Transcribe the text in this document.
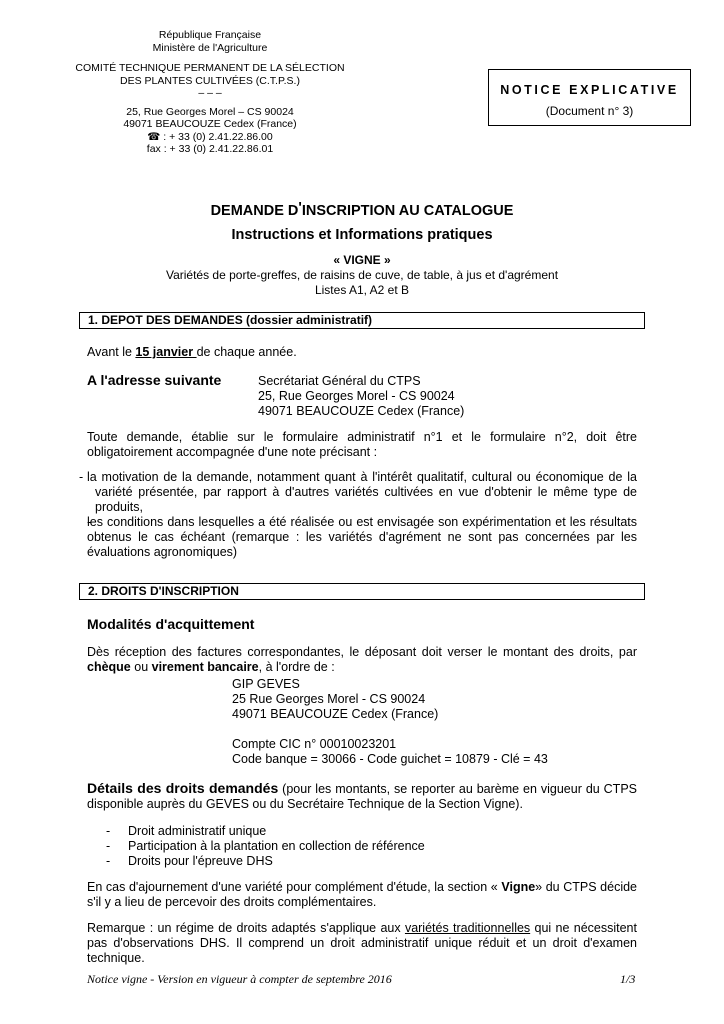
République Française
Ministère de l'Agriculture
COMITÉ TECHNIQUE PERMANENT DE LA SÉLECTION
DES PLANTES CULTIVÉES (C.T.P.S.)
– – –
25, Rue Georges Morel – CS 90024
49071 BEAUCOUZE Cedex (France)
☎ : + 33 (0) 2.41.22.86.00
fax : + 33 (0) 2.41.22.86.01
NOTICE EXPLICATIVE
(Document n° 3)
DEMANDE D'INSCRIPTION AU CATALOGUE
Instructions et Informations pratiques
« VIGNE »
Variétés de porte-greffes, de raisins de cuve, de table, à jus et d'agrément
Listes A1, A2 et B
1. DEPOT DES DEMANDES (dossier administratif)
Avant le 15 janvier de chaque année.
A l'adresse suivante	Secrétariat Général du CTPS
25, Rue Georges Morel - CS 90024
49071 BEAUCOUZE Cedex (France)
Toute demande, établie sur le formulaire administratif n°1 et le formulaire n°2, doit être obligatoirement accompagnée d'une note précisant :
- la motivation de la demande, notamment quant à l'intérêt qualitatif, cultural ou économique de la variété présentée, par rapport à d'autres variétés cultivées en vue d'obtenir le même type de produits,
- les conditions dans lesquelles a été réalisée ou est envisagée son expérimentation et les résultats obtenus le cas échéant (remarque : les variétés d'agrément ne sont pas concernées par les évaluations agronomiques)
2. DROITS D'INSCRIPTION
Modalités d'acquittement
Dès réception des factures correspondantes, le déposant doit verser le montant des droits, par chèque ou virement bancaire, à l'ordre de :
GIP GEVES
25 Rue Georges Morel - CS 90024
49071 BEAUCOUZE Cedex (France)
Compte CIC n° 00010023201
Code banque = 30066 - Code guichet = 10879 - Clé = 43
Détails des droits demandés (pour les montants, se reporter au barème en vigueur du CTPS disponible auprès du GEVES ou du Secrétaire Technique de la Section Vigne).
- Droit administratif unique
- Participation à la plantation en collection de référence
- Droits pour l'épreuve DHS
En cas d'ajournement d'une variété pour complément d'étude, la section « Vigne» du CTPS décide s'il y a lieu de percevoir des droits complémentaires.
Remarque : un régime de droits adaptés s'applique aux variétés traditionnelles qui ne nécessitent pas d'observations DHS. Il comprend un droit administratif unique réduit et un droit d'examen technique.
Notice vigne - Version en vigueur à compter de septembre 2016	1/3
